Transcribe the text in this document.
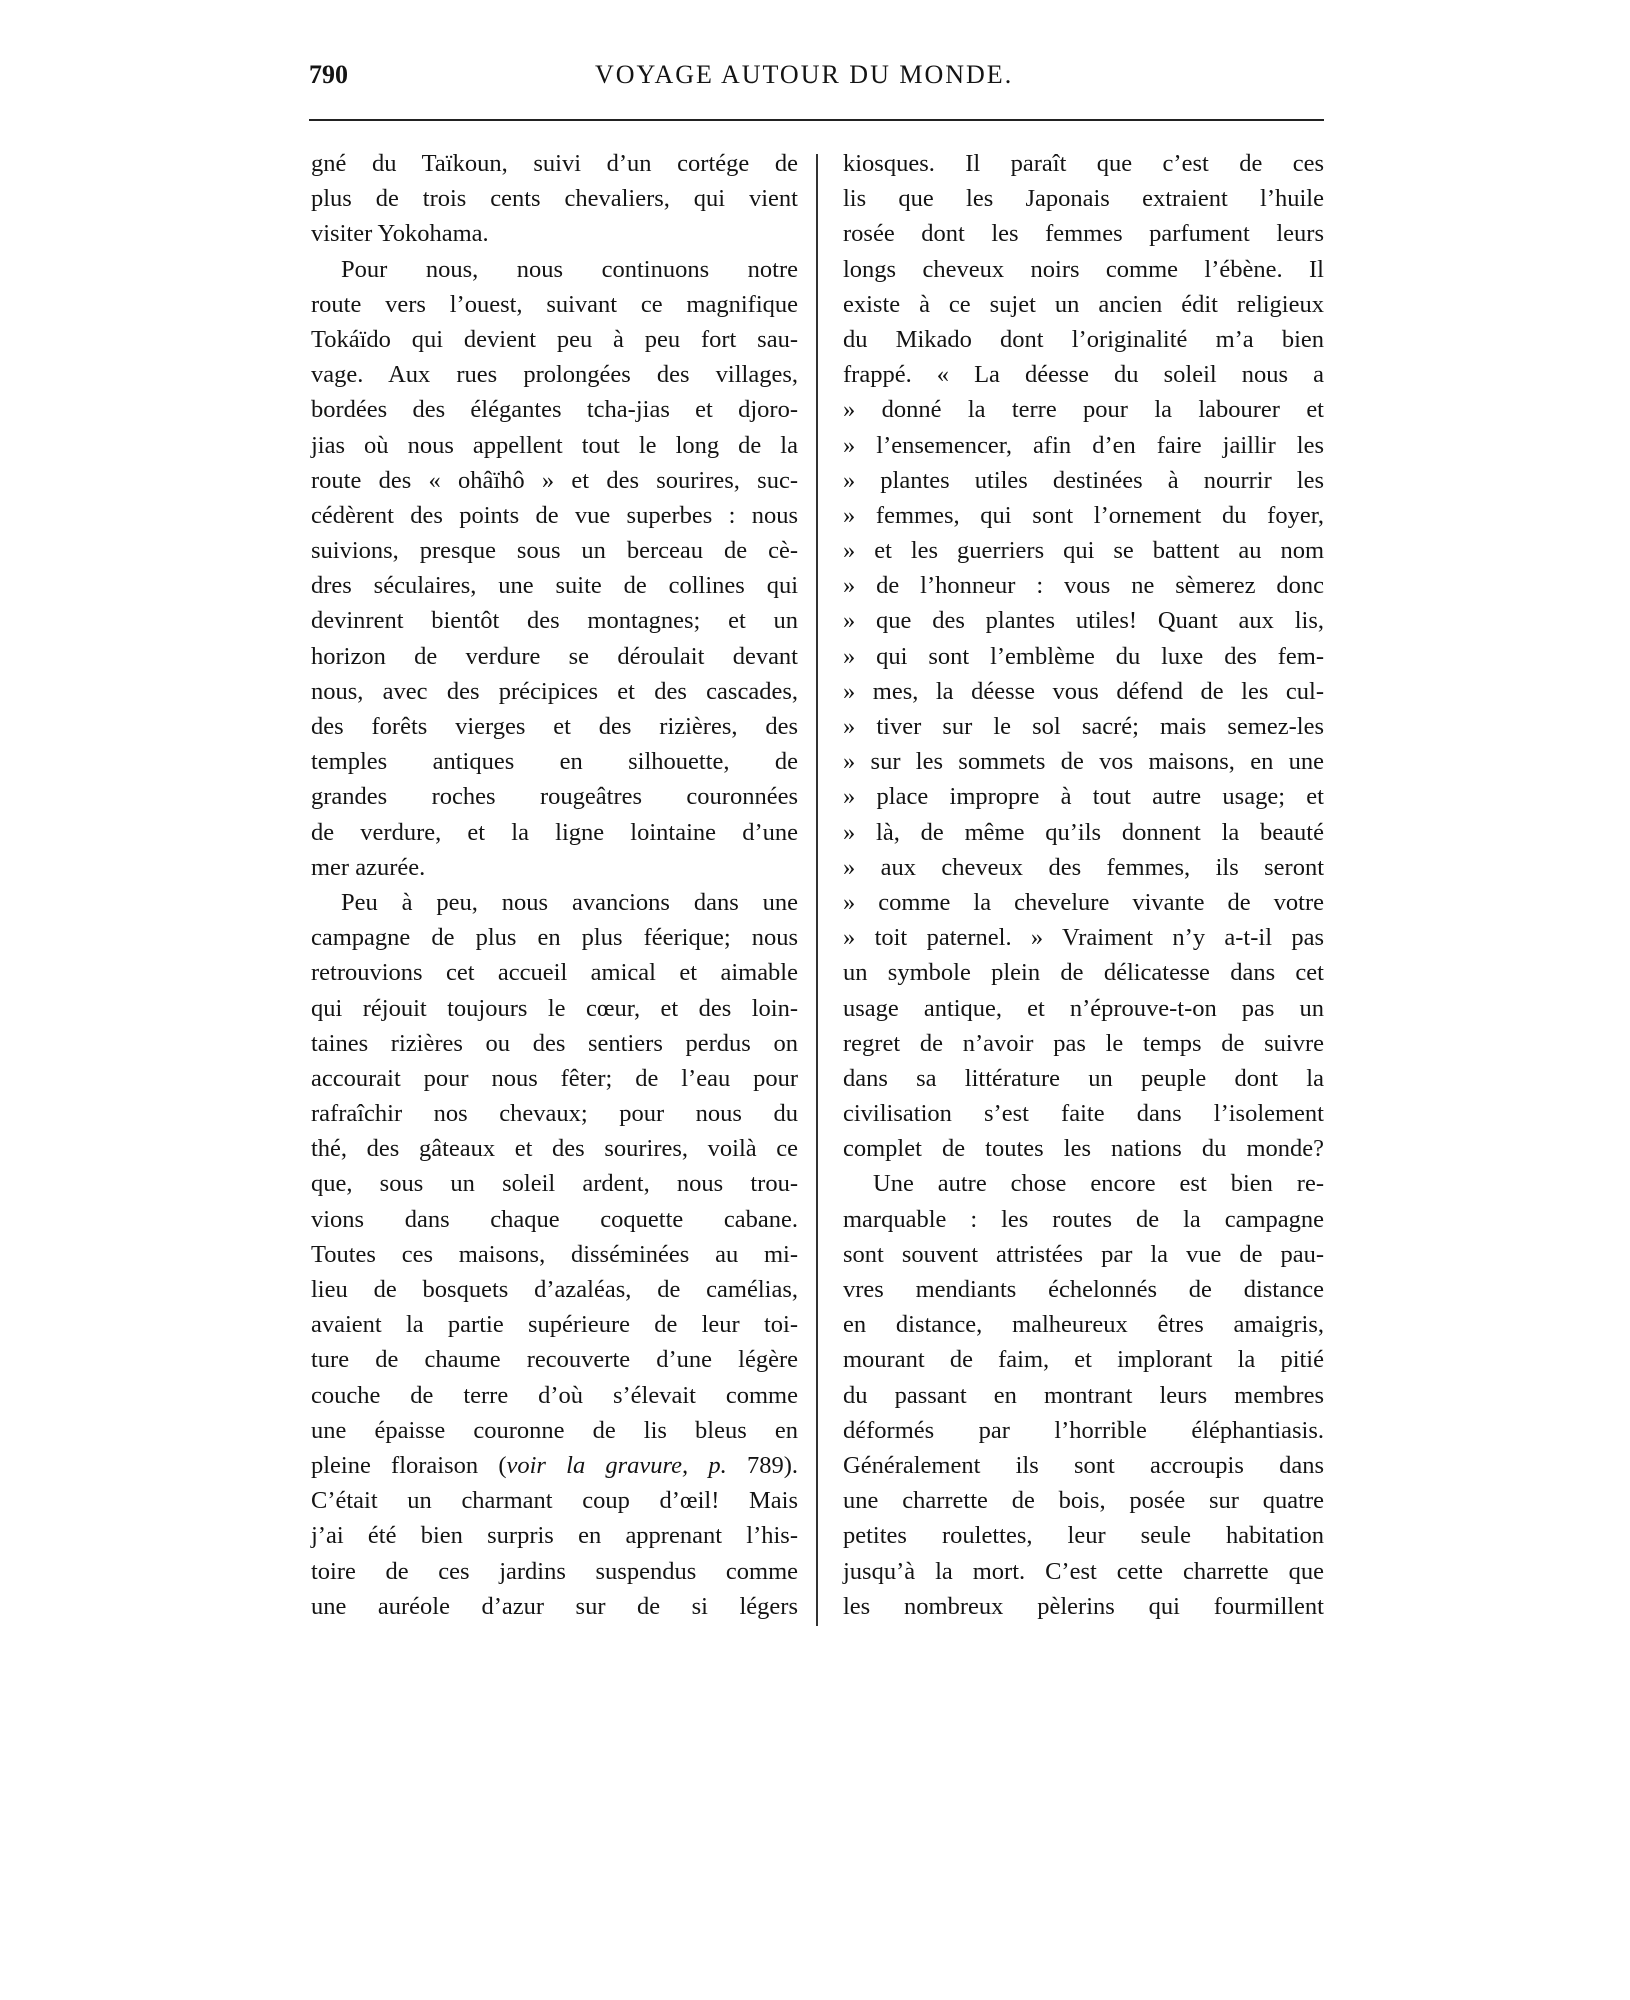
790	VOYAGE AUTOUR DU MONDE.
gné du Taïkoun, suivi d’un cortége de
plus de trois cents chevaliers, qui vient
visiter Yokohama.
Pour nous, nous continuons notre
route vers l’ouest, suivant ce magnifique
Tokáïdo qui devient peu à peu fort sau-
vage. Aux rues prolongées des villages,
bordées des élégantes tcha-jias et djoro-
jias où nous appellent tout le long de la
route des « ohâïhô » et des sourires, suc-
cédèrent des points de vue superbes : nous
suivions, presque sous un berceau de cè-
dres séculaires, une suite de collines qui
devinrent bientôt des montagnes; et un
horizon de verdure se déroulait devant
nous, avec des précipices et des cascades,
des forêts vierges et des rizières, des
temples antiques en silhouette, de
grandes roches rougeâtres couronnées
de verdure, et la ligne lointaine d’une
mer azurée.
Peu à peu, nous avancions dans une
campagne de plus en plus féerique; nous
retrouvions cet accueil amical et aimable
qui réjouit toujours le cœur, et des loin-
taines rizières ou des sentiers perdus on
accourait pour nous fêter; de l’eau pour
rafraîchir nos chevaux; pour nous du
thé, des gâteaux et des sourires, voilà ce
que, sous un soleil ardent, nous trou-
vions dans chaque coquette cabane.
Toutes ces maisons, disséminées au mi-
lieu de bosquets d’azaléas, de camélias,
avaient la partie supérieure de leur toi-
ture de chaume recouverte d’une légère
couche de terre d’où s’élevait comme
une épaisse couronne de lis bleus en
pleine floraison (voir la gravure, p. 789).
C’était un charmant coup d’œil! Mais
j’ai été bien surpris en apprenant l’his-
toire de ces jardins suspendus comme
une auréole d’azur sur de si légers
kiosques. Il paraît que c’est de ces
lis que les Japonais extraient l’huile
rosée dont les femmes parfument leurs
longs cheveux noirs comme l’ébène. Il
existe à ce sujet un ancien édit religieux
du Mikado dont l’originalité m’a bien
frappé. « La déesse du soleil nous a
» donné la terre pour la labourer et
» l’ensemencer, afin d’en faire jaillir les
» plantes utiles destinées à nourrir les
» femmes, qui sont l’ornement du foyer,
» et les guerriers qui se battent au nom
» de l’honneur : vous ne sèmerez donc
» que des plantes utiles! Quant aux lis,
» qui sont l’emblème du luxe des fem-
» mes, la déesse vous défend de les cul-
» tiver sur le sol sacré; mais semez-les
» sur les sommets de vos maisons, en une
» place impropre à tout autre usage; et
» là, de même qu’ils donnent la beauté
» aux cheveux des femmes, ils seront
» comme la chevelure vivante de votre
» toit paternel. » Vraiment n’y a-t-il pas
un symbole plein de délicatesse dans cet
usage antique, et n’éprouve-t-on pas un
regret de n’avoir pas le temps de suivre
dans sa littérature un peuple dont la
civilisation s’est faite dans l’isolement
complet de toutes les nations du monde?
Une autre chose encore est bien re-
marquable : les routes de la campagne
sont souvent attristées par la vue de pau-
vres mendiants échelonnés de distance
en distance, malheureux êtres amaigris,
mourant de faim, et implorant la pitié
du passant en montrant leurs membres
déformés par l’horrible éléphantiasis.
Généralement ils sont accroupis dans
une charrette de bois, posée sur quatre
petites roulettes, leur seule habitation
jusqu’à la mort. C’est cette charrette que
les nombreux pèlerins qui fourmillent
